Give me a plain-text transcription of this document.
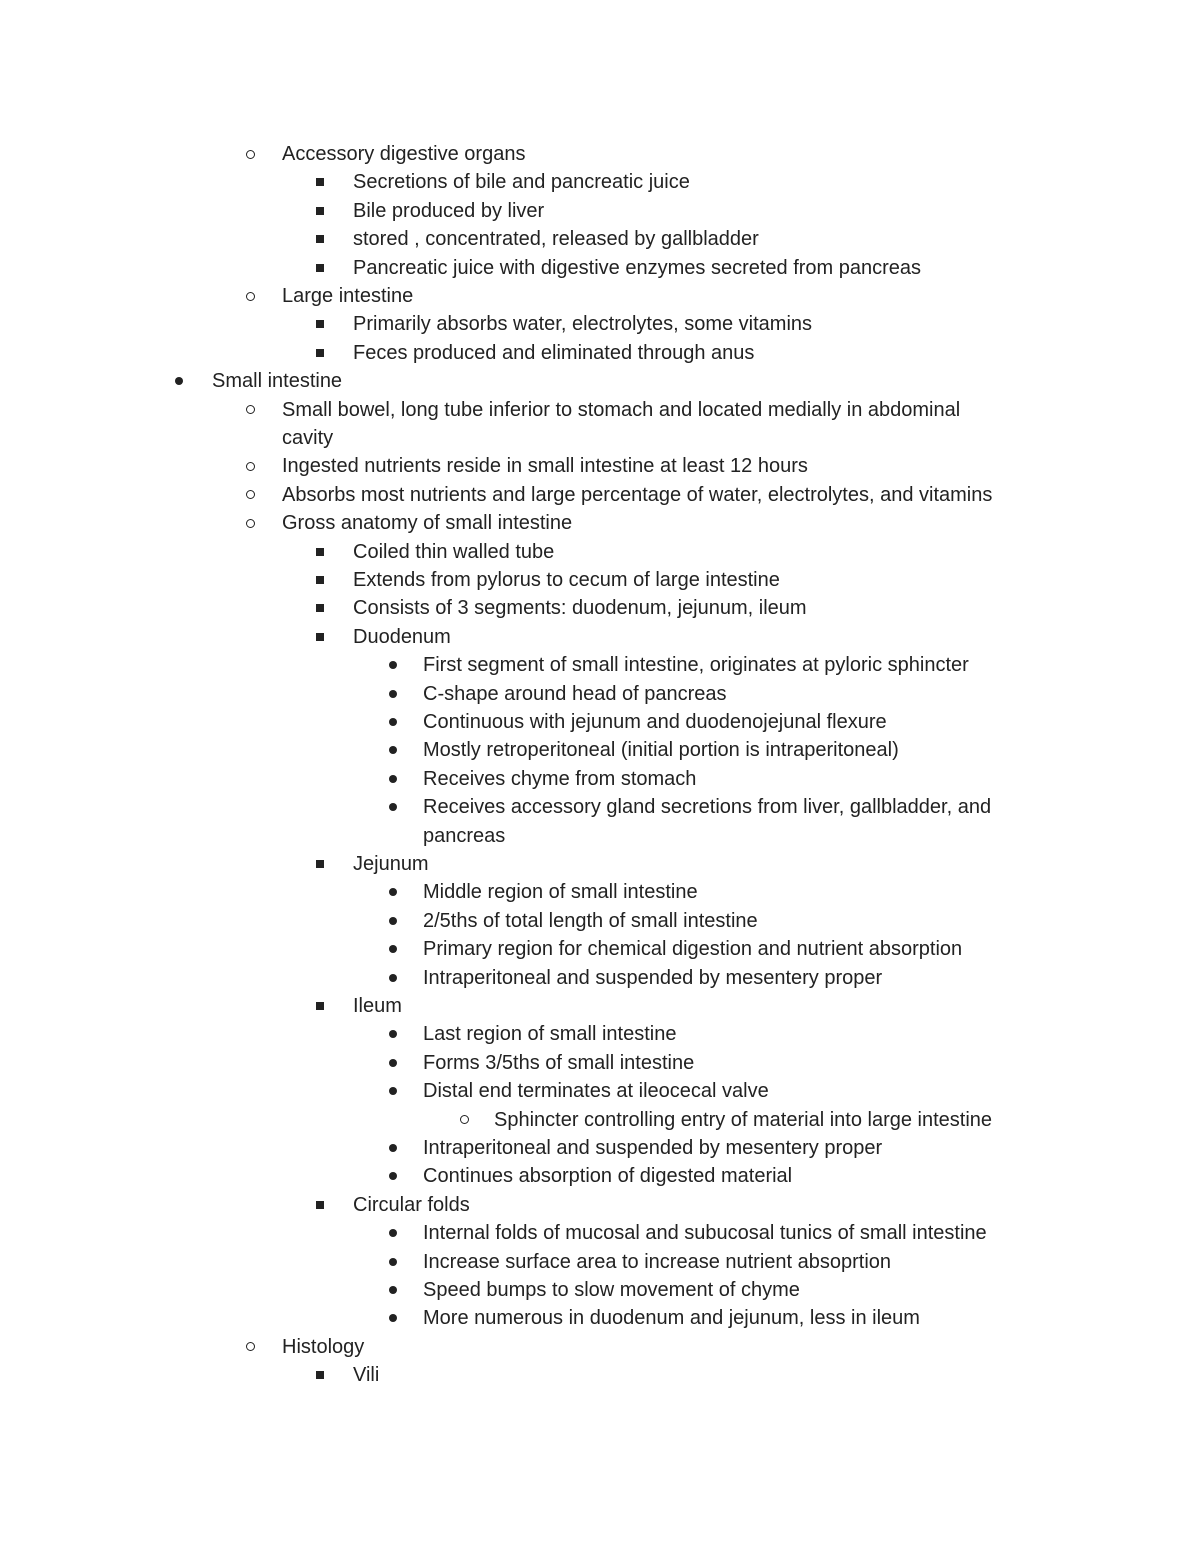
Accessory digestive organs
Secretions of bile and pancreatic juice
Bile produced by liver
stored , concentrated, released by gallbladder
Pancreatic juice with digestive enzymes secreted from pancreas
Large intestine
Primarily absorbs water, electrolytes, some vitamins
Feces produced and eliminated through anus
Small intestine
Small bowel, long tube inferior to stomach and located medially in abdominal
cavity
Ingested nutrients reside in small intestine at least 12 hours
Absorbs most nutrients and large percentage of water, electrolytes, and vitamins
Gross anatomy of small intestine
Coiled thin walled tube
Extends from pylorus to cecum of large intestine
Consists of 3 segments: duodenum, jejunum, ileum
Duodenum
First segment of small intestine, originates at pyloric sphincter
C-shape around head of pancreas
Continuous with jejunum and duodenojejunal flexure
Mostly retroperitoneal (initial portion is intraperitoneal)
Receives chyme from stomach
Receives accessory gland secretions from liver, gallbladder, and
pancreas
Jejunum
Middle region of small intestine
2/5ths of total length of small intestine
Primary region for chemical digestion and nutrient absorption
Intraperitoneal and suspended by mesentery proper
Ileum
Last region of small intestine
Forms 3/5ths of small intestine
Distal end terminates at ileocecal valve
Sphincter controlling entry of material into large intestine
Intraperitoneal and suspended by mesentery proper
Continues absorption of digested material
Circular folds
Internal folds of mucosal and subucosal tunics of small intestine
Increase surface area to increase nutrient absoprtion
Speed bumps to slow movement of chyme
More numerous in duodenum and jejunum, less in ileum
Histology
Vili
